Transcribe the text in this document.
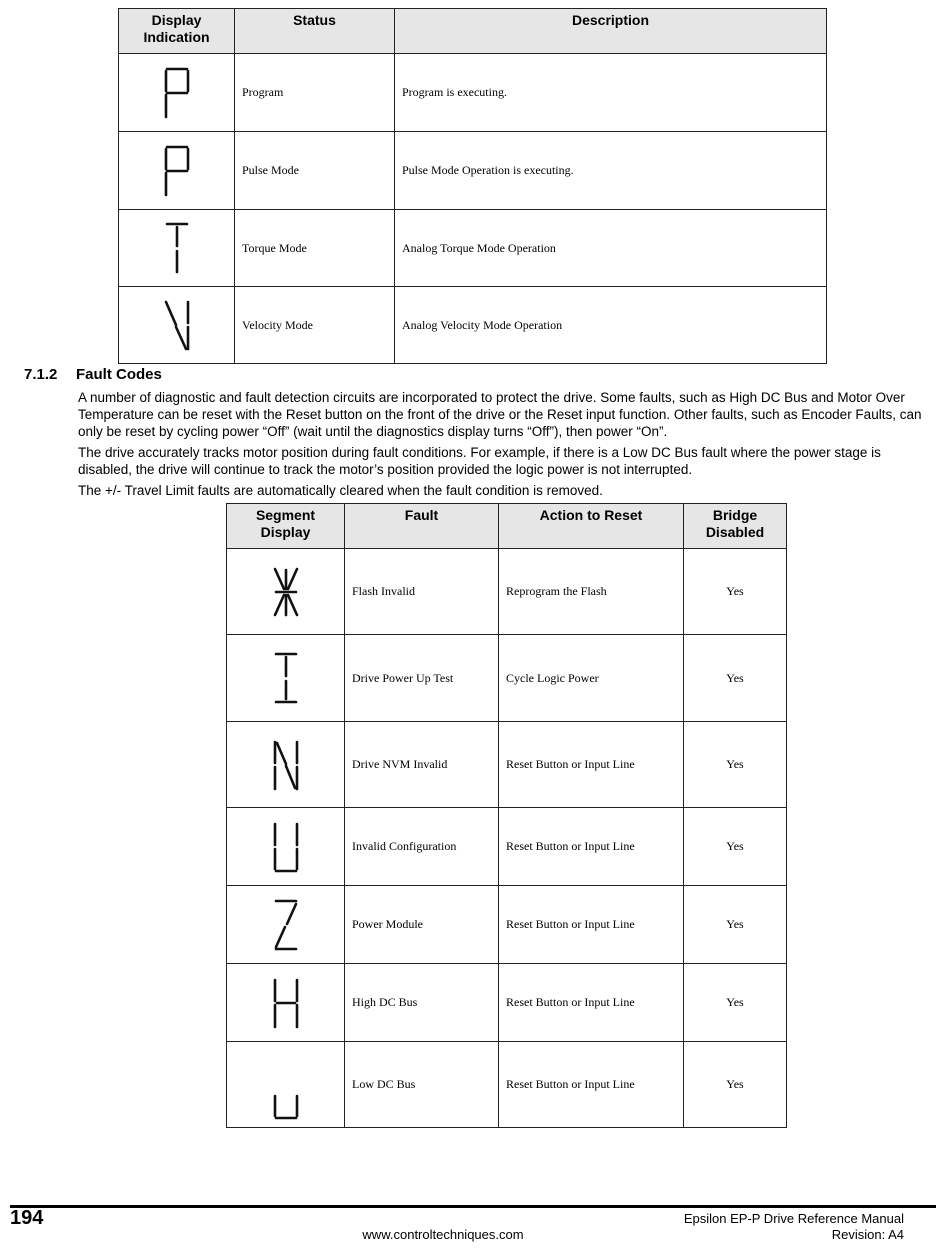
Display
Indication	Status	Description

	Program	Program is executing.

	Pulse Mode	Pulse Mode Operation is executing.

	Torque Mode	Analog Torque Mode Operation

	Velocity Mode	Analog Velocity Mode Operation
7.1.2 Fault Codes
A number of diagnostic and fault detection circuits are incorporated to protect the drive. Some faults, such as High DC Bus and Motor Over Temperature can be reset with the Reset button on the front of the drive or the Reset input function. Other faults, such as Encoder Faults, can only be reset by cycling power “Off” (wait until the diagnostics display turns “Off”), then power “On”.
The drive accurately tracks motor position during fault conditions. For example, if there is a Low DC Bus fault where the power stage is disabled, the drive will continue to track the motor’s position provided the logic power is not interrupted.
The +/- Travel Limit faults are automatically cleared when the fault condition is removed.
Segment
Display	Fault	Action to Reset	Bridge
Disabled

	Flash Invalid	Reprogram the Flash	Yes

	Drive Power Up Test	Cycle Logic Power	Yes

	Drive NVM Invalid	Reset Button or Input Line	Yes

	Invalid Configuration	Reset Button or Input Line	Yes

	Power Module	Reset Button or Input Line	Yes

	High DC Bus	Reset Button or Input Line	Yes

	Low DC Bus	Reset Button or Input Line	Yes
194
www.controltechniques.com
Epsilon EP-P Drive Reference Manual
Revision: A4
